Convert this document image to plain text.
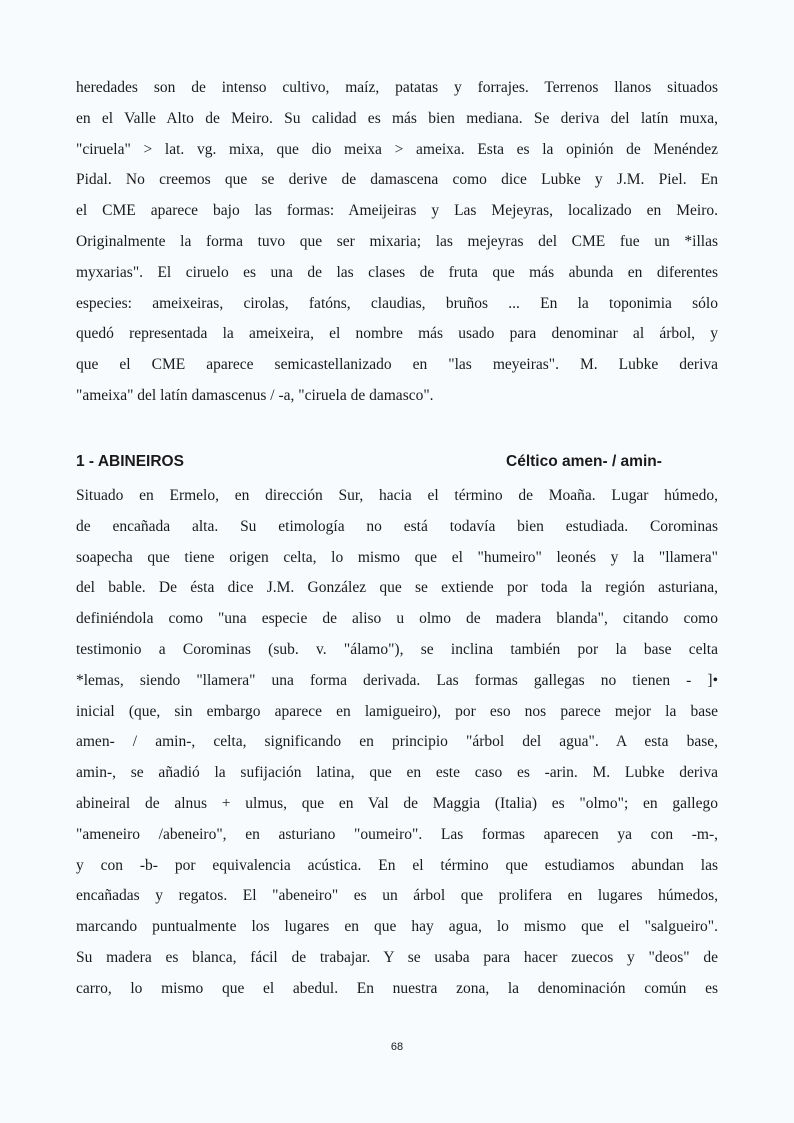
heredades son de intenso cultivo, maíz, patatas y forrajes. Terrenos llanos situados
en el Valle Alto de Meiro. Su calidad es más bien mediana. Se deriva del latín muxa,
"ciruela" > lat. vg. mixa, que dio meixa > ameixa. Esta es la opinión de Menéndez
Pidal. No creemos que se derive de damascena como dice Lubke y J.M. Piel. En
el CME aparece bajo las formas: Ameijeiras y Las Mejeyras, localizado en Meiro.
Originalmente la forma tuvo que ser mixaria; las mejeyras del CME fue un *illas
myxarias". El ciruelo es una de las clases de fruta que más abunda en diferentes
especies: ameixeiras, cirolas, fatóns, claudias, bruños ... En la toponimia sólo
quedó representada la ameixeira, el nombre más usado para denominar al árbol, y
que el CME aparece semicastellanizado en "las meyeiras". M. Lubke deriva
"ameixa" del latín damascenus / -a, "ciruela de damasco".
1 - ABINEIROS	Céltico amen- / amin-
Situado en Ermelo, en dirección Sur, hacia el término de Moaña. Lugar húmedo,
de encañada alta. Su etimología no está todavía bien estudiada. Corominas
soapecha que tiene origen celta, lo mismo que el "humeiro" leonés y la "llamera"
del bable. De ésta dice J.M. González que se extiende por toda la región asturiana,
definiéndola como "una especie de aliso u olmo de madera blanda", citando como
testimonio a Corominas (sub. v. "álamo"), se inclina también por la base celta
*lemas, siendo "llamera" una forma derivada. Las formas gallegas no tienen - ]•
inicial (que, sin embargo aparece en lamigueiro), por eso nos parece mejor la base
amen- / amin-, celta, significando en principio "árbol del agua". A esta base,
amin-, se añadió la sufijación latina, que en este caso es -arin. M. Lubke deriva
abineiral de alnus + ulmus, que en Val de Maggia (Italia) es "olmo"; en gallego
"ameneiro /abeneiro", en asturiano "oumeiro". Las formas aparecen ya con -m-,
y con -b- por equivalencia acústica. En el término que estudiamos abundan las
encañadas y regatos. El "abeneiro" es un árbol que prolifera en lugares húmedos,
marcando puntualmente los lugares en que hay agua, lo mismo que el "salgueiro".
Su madera es blanca, fácil de trabajar. Y se usaba para hacer zuecos y "deos" de
carro, lo mismo que el abedul. En nuestra zona, la denominación común es
68
